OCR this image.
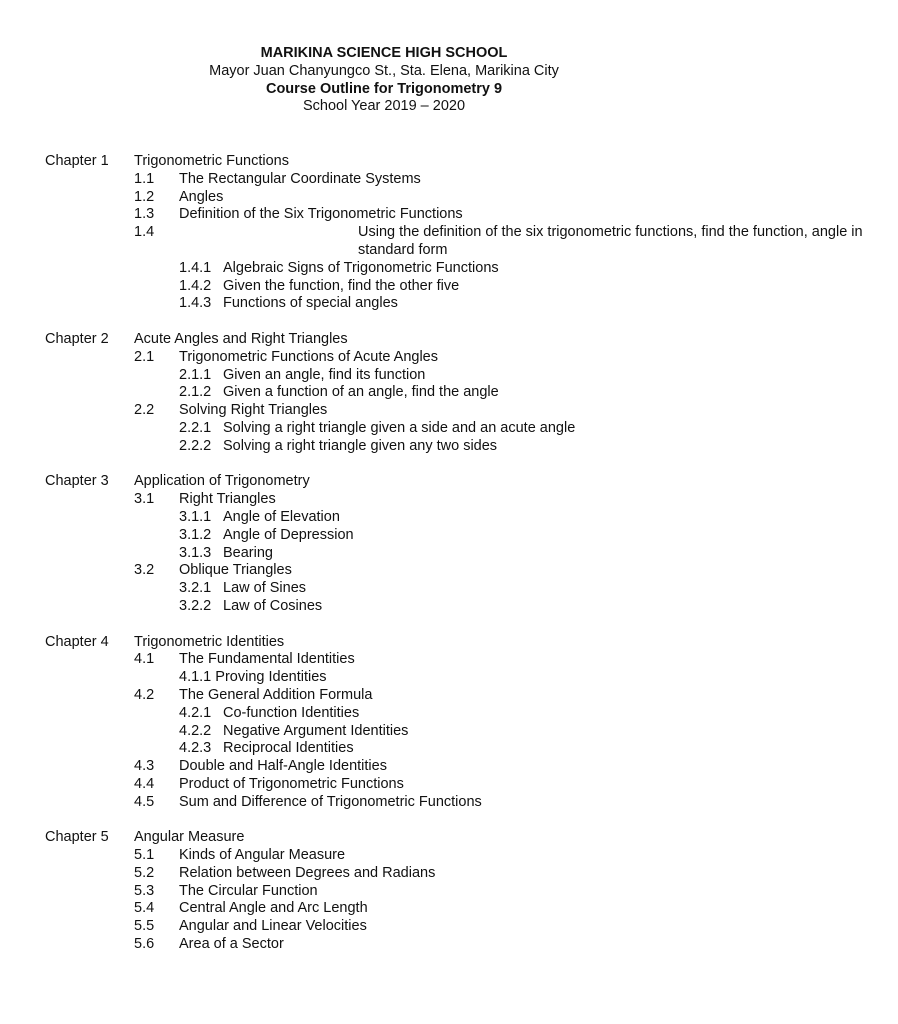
MARIKINA SCIENCE HIGH SCHOOL
Mayor Juan Chanyungco St., Sta. Elena, Marikina City
Course Outline for Trigonometry 9
School Year 2019 – 2020
Chapter 1 Trigonometric Functions
1.1 The Rectangular Coordinate Systems
1.2 Angles
1.3 Definition of the Six Trigonometric Functions
1.4	Using the definition of the six trigonometric functions, find the function, angle in standard form
1.4.1 Algebraic Signs of Trigonometric Functions
1.4.2 Given the function, find the other five
1.4.3 Functions of special angles
Chapter 2 Acute Angles and Right Triangles
2.1 Trigonometric Functions of Acute Angles
2.1.1 Given an angle, find its function
2.1.2 Given a function of an angle, find the angle
2.2 Solving Right Triangles
2.2.1 Solving a right triangle given a side and an acute angle
2.2.2 Solving a right triangle given any two sides
Chapter 3 Application of Trigonometry
3.1 Right Triangles
3.1.1 Angle of Elevation
3.1.2 Angle of Depression
3.1.3 Bearing
3.2 Oblique Triangles
3.2.1 Law of Sines
3.2.2 Law of Cosines
Chapter 4 Trigonometric Identities
4.1 The Fundamental Identities
4.1.1 Proving Identities
4.2 The General Addition Formula
4.2.1 Co-function Identities
4.2.2 Negative Argument Identities
4.2.3 Reciprocal Identities
4.3 Double and Half-Angle Identities
4.4 Product of Trigonometric Functions
4.5 Sum and Difference of Trigonometric Functions
Chapter 5 Angular Measure
5.1 Kinds of Angular Measure
5.2 Relation between Degrees and Radians
5.3 The Circular Function
5.4 Central Angle and Arc Length
5.5 Angular and Linear Velocities
5.6 Area of a Sector
